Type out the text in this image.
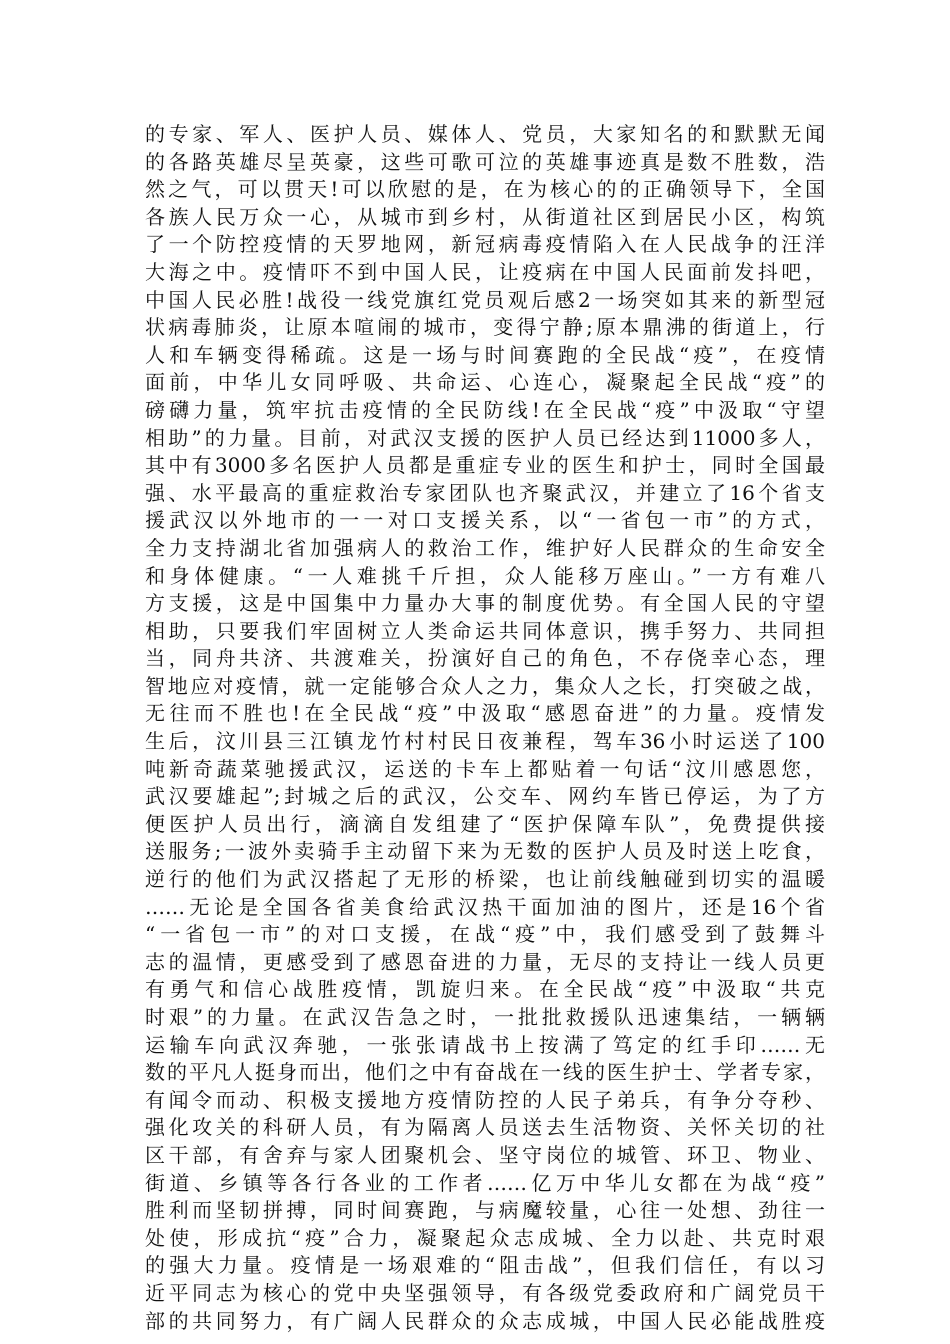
的专家、军人、医护人员、媒体人、党员，大家知名的和默默无闻
的各路英雄尽呈英豪，这些可歌可泣的英雄事迹真是数不胜数，浩
然之气，可以贯天!可以欣慰的是，在为核心的的正确领导下，全国
各族人民万众一心，从城市到乡村，从街道社区到居民小区，构筑
了一个防控疫情的天罗地网，新冠病毒疫情陷入在人民战争的汪洋
大海之中。疫情吓不到中国人民，让疫病在中国人民面前发抖吧，
中国人民必胜!战役一线党旗红党员观后感2一场突如其来的新型冠
状病毒肺炎，让原本喧闹的城市，变得宁静;原本鼎沸的街道上，行
人和车辆变得稀疏。这是一场与时间赛跑的全民战“疫”，在疫情
面前，中华儿女同呼吸、共命运、心连心，凝聚起全民战“疫”的
磅礴力量，筑牢抗击疫情的全民防线!在全民战“疫”中汲取“守望
相助”的力量。目前，对武汉支援的医护人员已经达到11000多人，
其中有3000多名医护人员都是重症专业的医生和护士，同时全国最
强、水平最高的重症救治专家团队也齐聚武汉，并建立了16个省支
援武汉以外地市的一一对口支援关系，以“一省包一市”的方式，
全力支持湖北省加强病人的救治工作，维护好人民群众的生命安全
和身体健康。“一人难挑千斤担，众人能移万座山。”一方有难八
方支援，这是中国集中力量办大事的制度优势。有全国人民的守望
相助，只要我们牢固树立人类命运共同体意识，携手努力、共同担
当，同舟共济、共渡难关，扮演好自己的角色，不存侥幸心态，理
智地应对疫情，就一定能够合众人之力，集众人之长，打突破之战，
无往而不胜也!在全民战“疫”中汲取“感恩奋进”的力量。疫情发
生后，汶川县三江镇龙竹村村民日夜兼程，驾车36小时运送了100
吨新奇蔬菜驰援武汉，运送的卡车上都贴着一句话“汶川感恩您，
武汉要雄起”;封城之后的武汉，公交车、网约车皆已停运，为了方
便医护人员出行，滴滴自发组建了“医护保障车队”，免费提供接
送服务;一波外卖骑手主动留下来为无数的医护人员及时送上吃食，
逆行的他们为武汉搭起了无形的桥梁，也让前线触碰到切实的温暖
……无论是全国各省美食给武汉热干面加油的图片，还是16个省
“一省包一市”的对口支援，在战“疫”中，我们感受到了鼓舞斗
志的温情，更感受到了感恩奋进的力量，无尽的支持让一线人员更
有勇气和信心战胜疫情，凯旋归来。在全民战“疫”中汲取“共克
时艰”的力量。在武汉告急之时，一批批救援队迅速集结，一辆辆
运输车向武汉奔驰，一张张请战书上按满了笃定的红手印……无
数的平凡人挺身而出，他们之中有奋战在一线的医生护士、学者专家，
有闻令而动、积极支援地方疫情防控的人民子弟兵，有争分夺秒、
强化攻关的科研人员，有为隔离人员送去生活物资、关怀关切的社
区干部，有舍弃与家人团聚机会、坚守岗位的城管、环卫、物业、
街道、乡镇等各行各业的工作者……亿万中华儿女都在为战“疫”
胜利而坚韧拼搏，同时间赛跑，与病魔较量，心往一处想、劲往一
处使，形成抗“疫”合力，凝聚起众志成城、全力以赴、共克时艰
的强大力量。疫情是一场艰难的“阻击战”，但我们信任，有以习
近平同志为核心的党中央坚强领导，有各级党委政府和广阔党员干
部的共同努力，有广阔人民群众的众志成城，中国人民必能战胜疫
